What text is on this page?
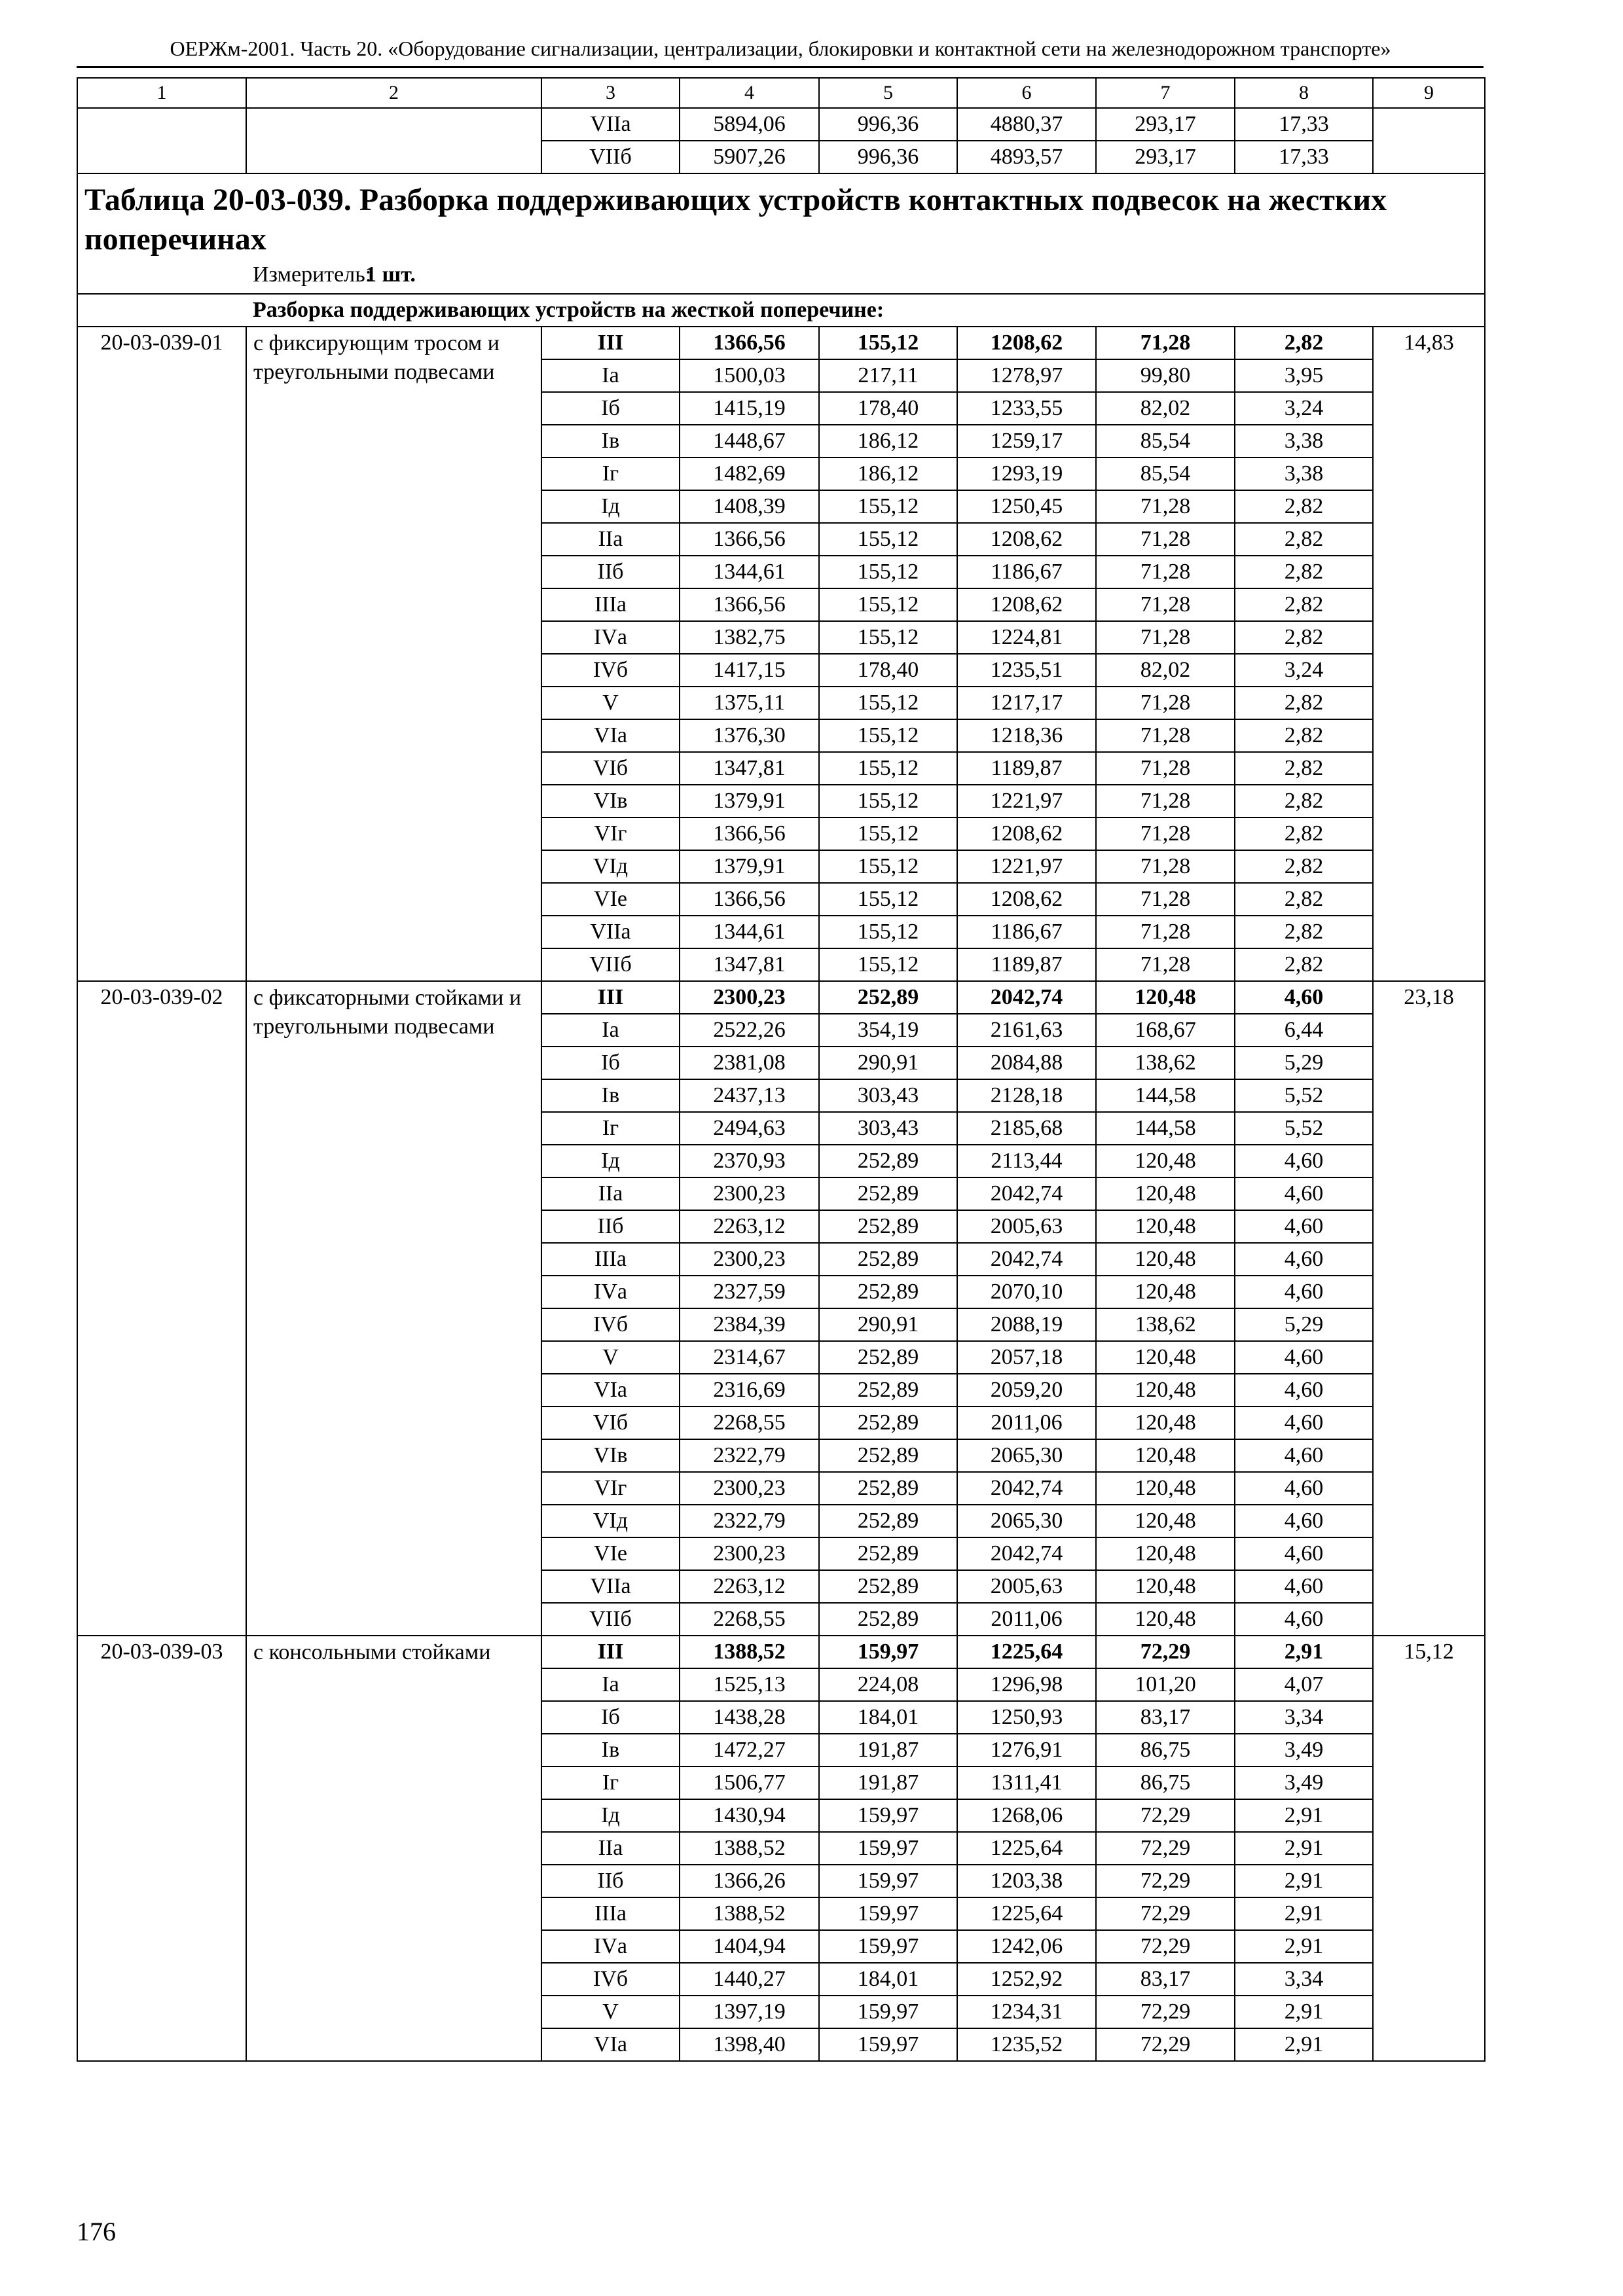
ОЕРЖм-2001. Часть 20. «Оборудование сигнализации, централизации, блокировки и контактной сети на железнодорожном транспорте»
1	2	3	4	5	6	7	8	9
		VIIа	5894,06	996,36	4880,37	293,17	17,33	
		VIIб	5907,26	996,36	4893,57	293,17	17,33	

Таблица 20-03-039. Разборка поддерживающих устройств контактных подвесок на жестких поперечинах
Измеритель:1 шт.								

Разборка поддерживающих устройств на жесткой поперечине:								
20-03-039-01	с фиксирующим тросом и треугольными подвесами	III	1366,56	155,12	1208,62	71,28	2,82	14,83
		Iа	1500,03	217,11	1278,97	99,80	3,95	
		Iб	1415,19	178,40	1233,55	82,02	3,24	
		Iв	1448,67	186,12	1259,17	85,54	3,38	
		Iг	1482,69	186,12	1293,19	85,54	3,38	
		Iд	1408,39	155,12	1250,45	71,28	2,82	
		IIа	1366,56	155,12	1208,62	71,28	2,82	
		IIб	1344,61	155,12	1186,67	71,28	2,82	
		IIIа	1366,56	155,12	1208,62	71,28	2,82	
		IVа	1382,75	155,12	1224,81	71,28	2,82	
		IVб	1417,15	178,40	1235,51	82,02	3,24	
		V	1375,11	155,12	1217,17	71,28	2,82	
		VIа	1376,30	155,12	1218,36	71,28	2,82	
		VIб	1347,81	155,12	1189,87	71,28	2,82	
		VIв	1379,91	155,12	1221,97	71,28	2,82	
		VIг	1366,56	155,12	1208,62	71,28	2,82	
		VIд	1379,91	155,12	1221,97	71,28	2,82	
		VIе	1366,56	155,12	1208,62	71,28	2,82	
		VIIа	1344,61	155,12	1186,67	71,28	2,82	
		VIIб	1347,81	155,12	1189,87	71,28	2,82	
20-03-039-02	с фиксаторными стойками и треугольными подвесами	III	2300,23	252,89	2042,74	120,48	4,60	23,18
		Iа	2522,26	354,19	2161,63	168,67	6,44	
		Iб	2381,08	290,91	2084,88	138,62	5,29	
		Iв	2437,13	303,43	2128,18	144,58	5,52	
		Iг	2494,63	303,43	2185,68	144,58	5,52	
		Iд	2370,93	252,89	2113,44	120,48	4,60	
		IIа	2300,23	252,89	2042,74	120,48	4,60	
		IIб	2263,12	252,89	2005,63	120,48	4,60	
		IIIа	2300,23	252,89	2042,74	120,48	4,60	
		IVа	2327,59	252,89	2070,10	120,48	4,60	
		IVб	2384,39	290,91	2088,19	138,62	5,29	
		V	2314,67	252,89	2057,18	120,48	4,60	
		VIа	2316,69	252,89	2059,20	120,48	4,60	
		VIб	2268,55	252,89	2011,06	120,48	4,60	
		VIв	2322,79	252,89	2065,30	120,48	4,60	
		VIг	2300,23	252,89	2042,74	120,48	4,60	
		VIд	2322,79	252,89	2065,30	120,48	4,60	
		VIе	2300,23	252,89	2042,74	120,48	4,60	
		VIIа	2263,12	252,89	2005,63	120,48	4,60	
		VIIб	2268,55	252,89	2011,06	120,48	4,60	
20-03-039-03	с консольными стойками	III	1388,52	159,97	1225,64	72,29	2,91	15,12
		Iа	1525,13	224,08	1296,98	101,20	4,07	
		Iб	1438,28	184,01	1250,93	83,17	3,34	
		Iв	1472,27	191,87	1276,91	86,75	3,49	
		Iг	1506,77	191,87	1311,41	86,75	3,49	
		Iд	1430,94	159,97	1268,06	72,29	2,91	
		IIа	1388,52	159,97	1225,64	72,29	2,91	
		IIб	1366,26	159,97	1203,38	72,29	2,91	
		IIIа	1388,52	159,97	1225,64	72,29	2,91	
		IVа	1404,94	159,97	1242,06	72,29	2,91	
		IVб	1440,27	184,01	1252,92	83,17	3,34	
		V	1397,19	159,97	1234,31	72,29	2,91	
		VIа	1398,40	159,97	1235,52	72,29	2,91	
176
